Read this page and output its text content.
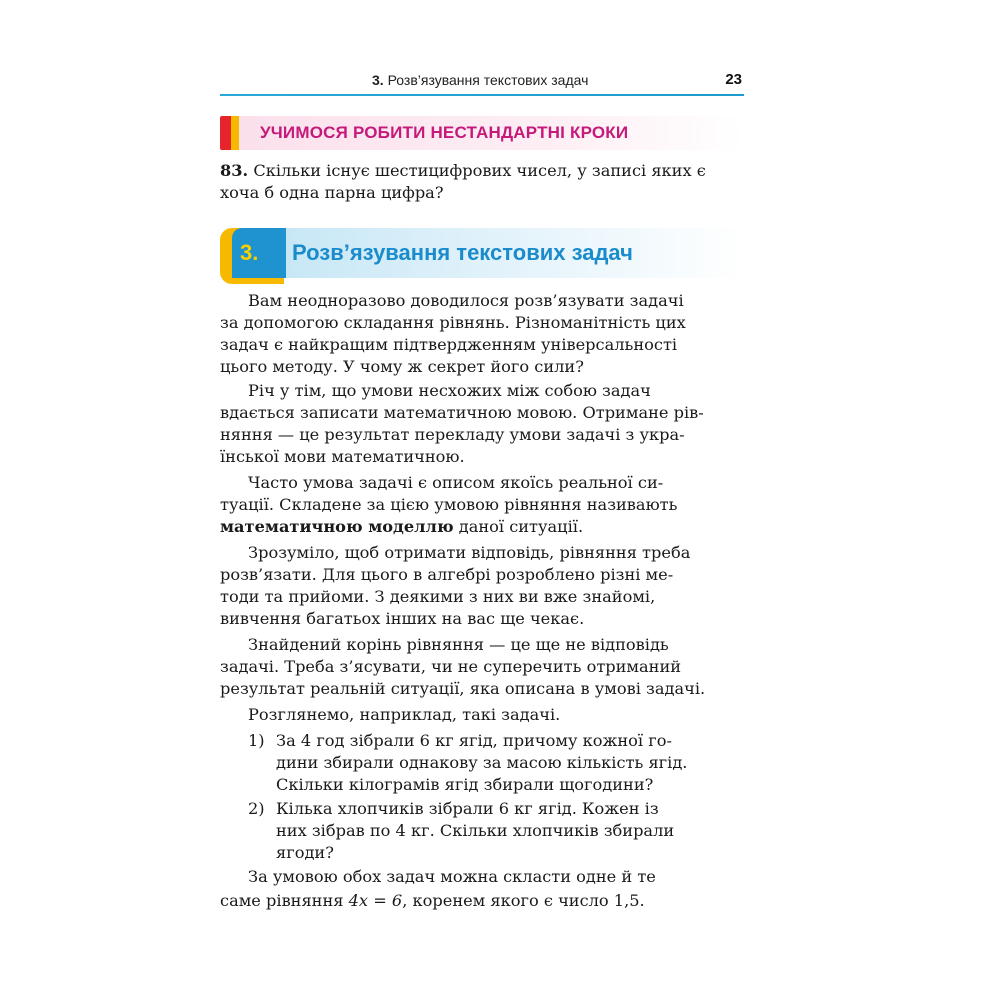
3. Розв’язування текстових задач	23
УЧИМОСЯ РОБИТИ НЕСТАНДАРТНІ КРОКИ
83. Скільки існує шестицифрових чисел, у записі яких є
хоча б одна парна цифра?
3. Розв’язування текстових задач
Вам неодноразово доводилося розв’язувати задачі
за допомогою складання рівнянь. Різноманітність цих
задач є найкращим підтвердженням універсальності
цього методу. У чому ж секрет його сили?
Річ у тім, що умови несхожих між собою задач
вдається записати математичною мовою. Отримане рів-
няння — це результат перекладу умови задачі з укра-
їнської мови математичною.
Часто умова задачі є описом якоїсь реальної си-
туації. Складене за цією умовою рівняння називають
математичною моделлю даної ситуації.
Зрозуміло, щоб отримати відповідь, рівняння треба
розв’язати. Для цього в алгебрі розроблено різні ме-
тоди та прийоми. З деякими з них ви вже знайомі,
вивчення багатьох інших на вас ще чекає.
Знайдений корінь рівняння — це ще не відповідь
задачі. Треба з’ясувати, чи не суперечить отриманий
результат реальній ситуації, яка описана в умові задачі.
Розглянемо, наприклад, такі задачі.
1) За 4 год зібрали 6 кг ягід, причому кожної го-
дини збирали однакову за масою кількість ягід.
Скільки кілограмів ягід збирали щогодини?
2) Кілька хлопчиків зібрали 6 кг ягід. Кожен із
них зібрав по 4 кг. Скільки хлопчиків збирали
ягоди?
За умовою обох задач можна скласти одне й те
саме рівняння 4x = 6, коренем якого є число 1,5.
